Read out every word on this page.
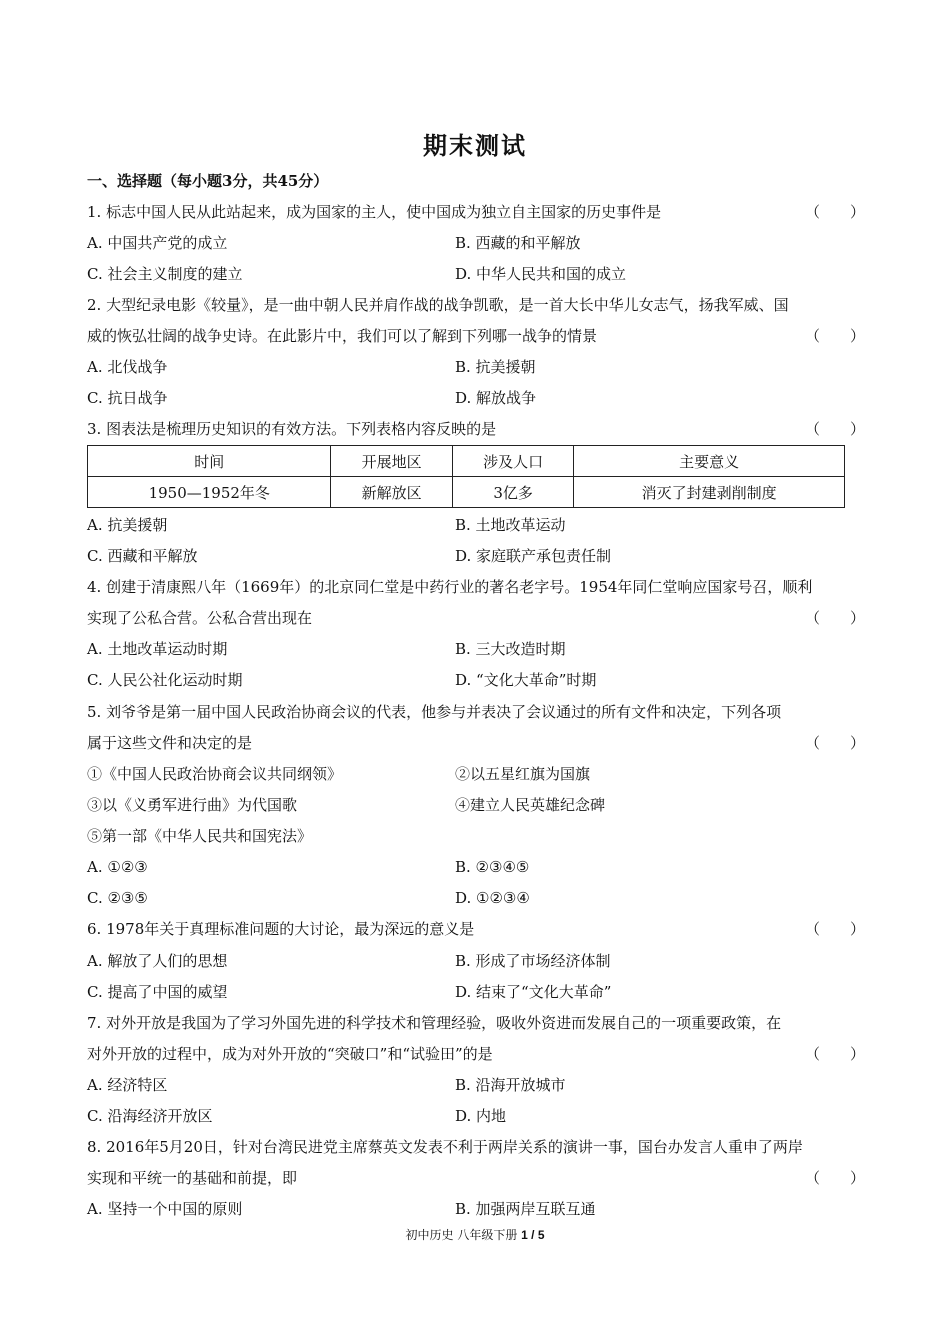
期末测试
一、选择题（每小题3分，共45分）
1. 标志中国人民从此站起来，成为国家的主人，使中国成为独立自主国家的历史事件是	（　　）
A. 中国共产党的成立	B. 西藏的和平解放
C. 社会主义制度的建立	D. 中华人民共和国的成立
2. 大型纪录电影《较量》，是一曲中朝人民并肩作战的战争凯歌，是一首大长中华儿女志气，扬我军威、国
威的恢弘壮阔的战争史诗。在此影片中，我们可以了解到下列哪一战争的情景	（　　）
A. 北伐战争	B. 抗美援朝
C. 抗日战争	D. 解放战争
3. 图表法是梳理历史知识的有效方法。下列表格内容反映的是	（　　）
时间	开展地区	涉及人口	主要意义
1950—1952年冬	新解放区	3亿多	消灭了封建剥削制度
A. 抗美援朝	B. 土地改革运动
C. 西藏和平解放	D. 家庭联产承包责任制
4. 创建于清康熙八年（1669年）的北京同仁堂是中药行业的著名老字号。1954年同仁堂响应国家号召，顺利
实现了公私合营。公私合营出现在	（　　）
A. 土地改革运动时期	B. 三大改造时期
C. 人民公社化运动时期	D. “文化大革命”时期
5. 刘爷爷是第一届中国人民政治协商会议的代表，他参与并表决了会议通过的所有文件和决定，下列各项
属于这些文件和决定的是	（　　）
①《中国人民政治协商会议共同纲领》	②以五星红旗为国旗
③以《义勇军进行曲》为代国歌	④建立人民英雄纪念碑
⑤第一部《中华人民共和国宪法》
A. ①②③	B. ②③④⑤
C. ②③⑤	D. ①②③④
6. 1978年关于真理标准问题的大讨论，最为深远的意义是	（　　）
A. 解放了人们的思想	B. 形成了市场经济体制
C. 提高了中国的威望	D. 结束了“文化大革命”
7. 对外开放是我国为了学习外国先进的科学技术和管理经验，吸收外资进而发展自己的一项重要政策，在
对外开放的过程中，成为对外开放的“突破口”和“试验田”的是	（　　）
A. 经济特区	B. 沿海开放城市
C. 沿海经济开放区	D. 内地
8. 2016年5月20日，针对台湾民进党主席蔡英文发表不利于两岸关系的演讲一事，国台办发言人重申了两岸
实现和平统一的基础和前提，即	（　　）
A. 坚持一个中国的原则	B. 加强两岸互联互通
初中历史 八年级下册 1 / 5
